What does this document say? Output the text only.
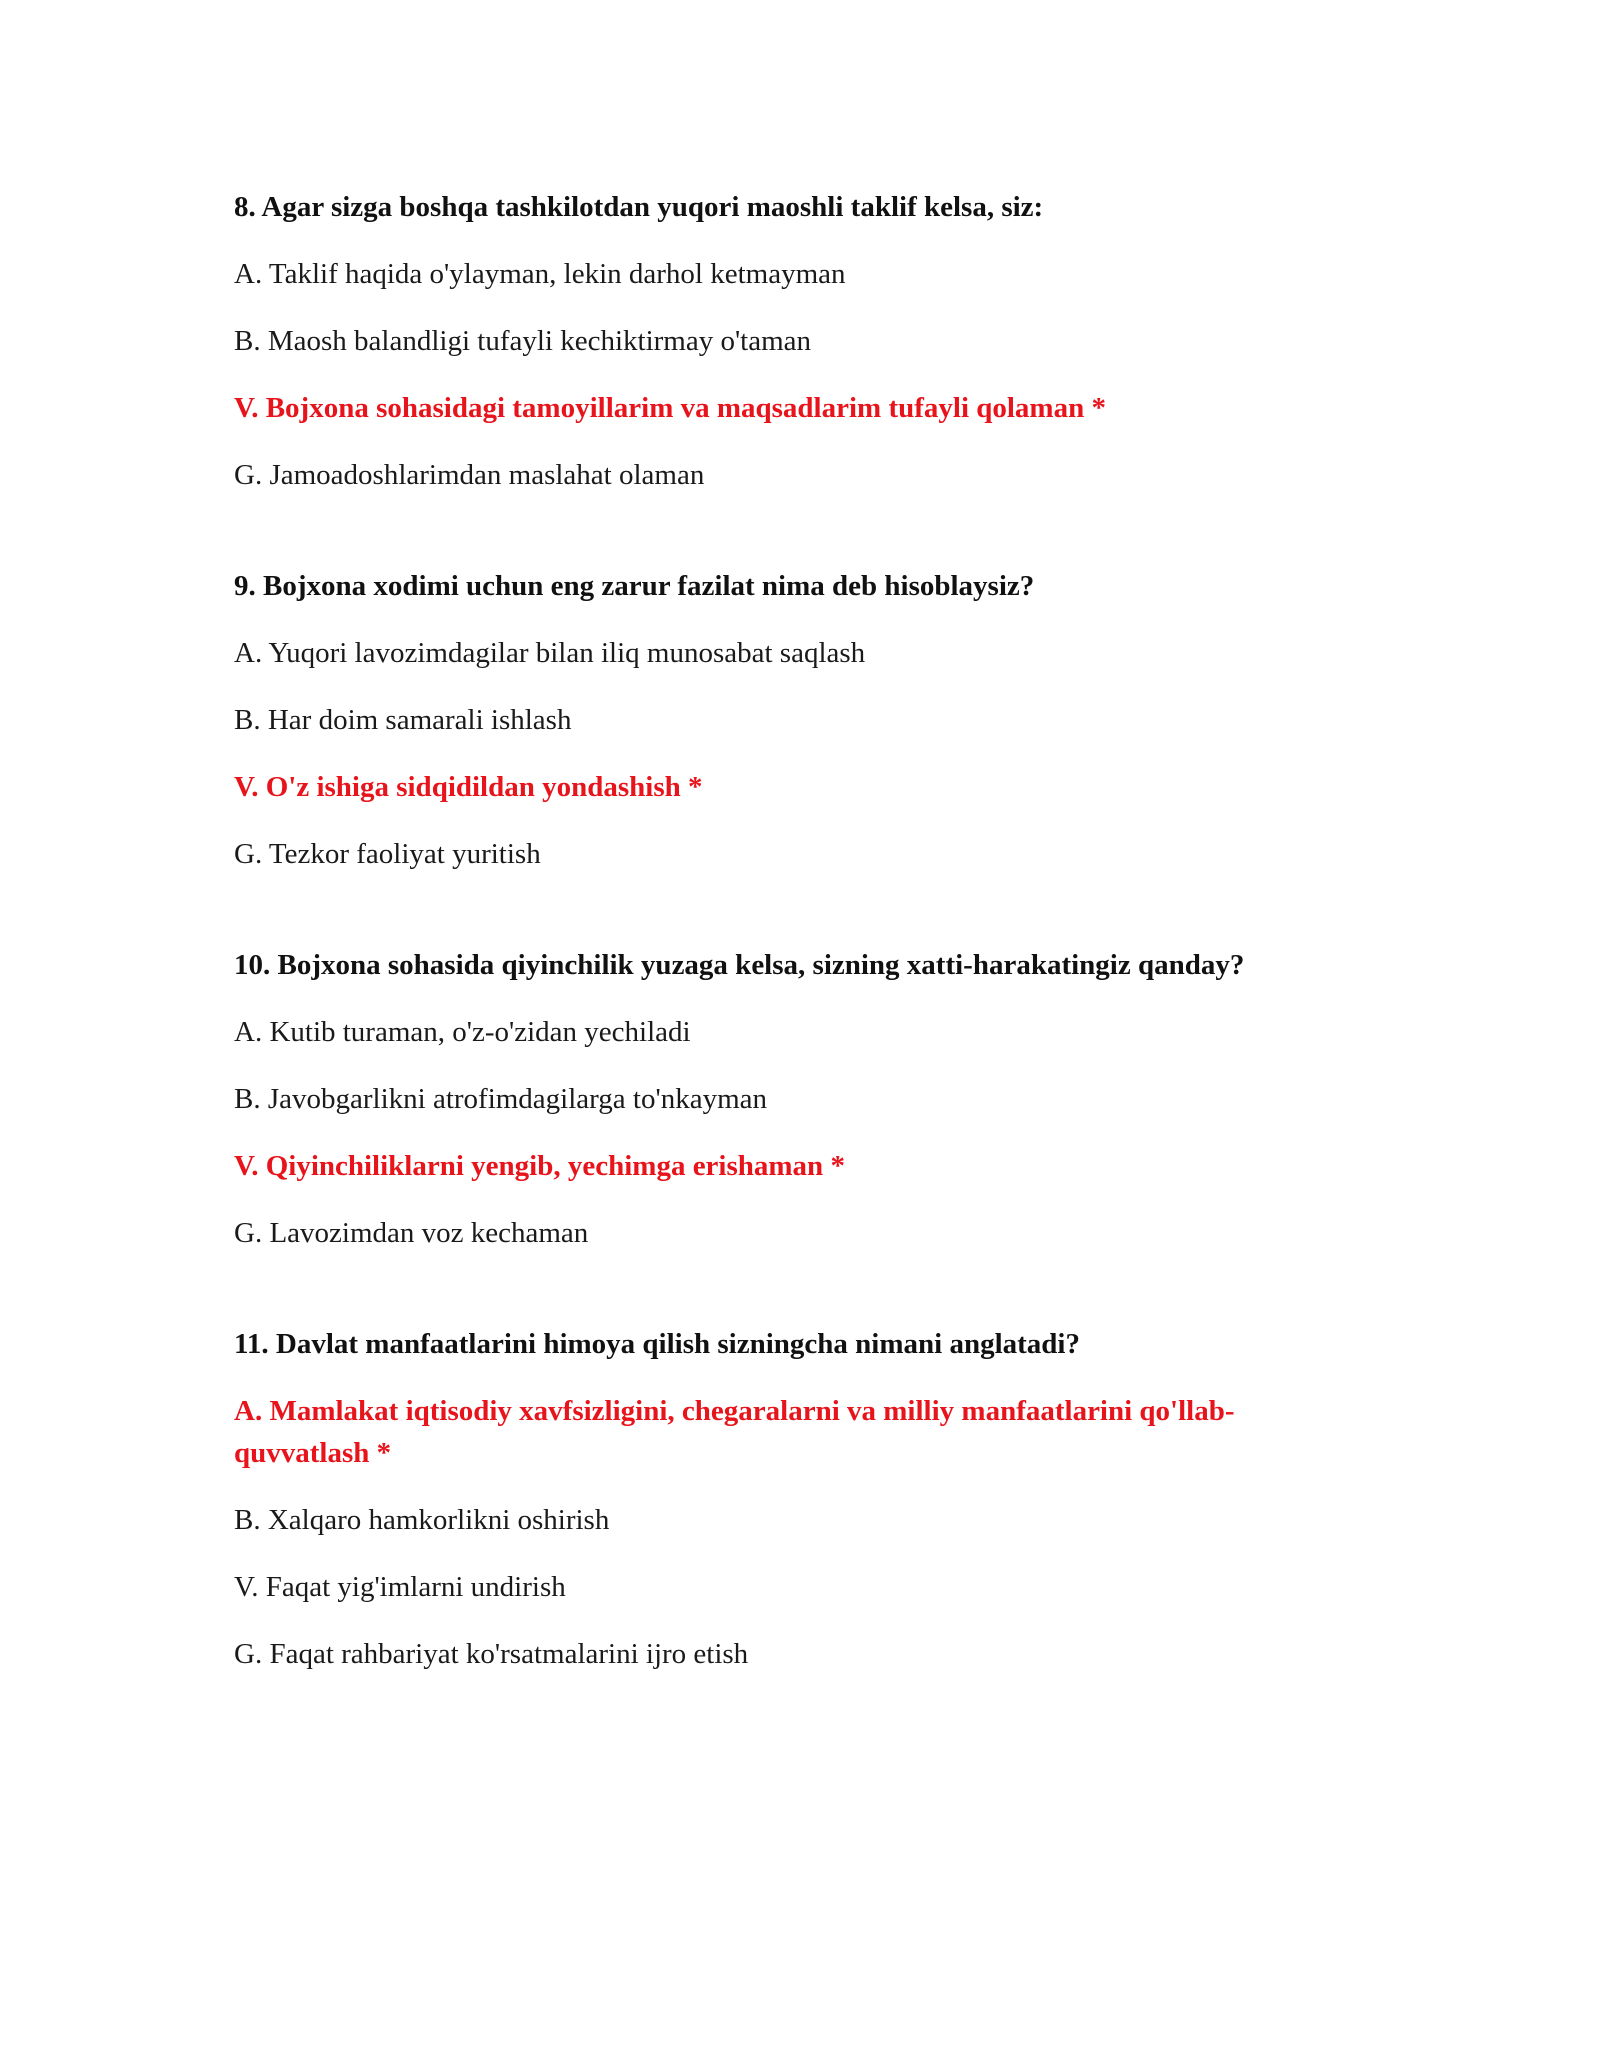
8. Agar sizga boshqa tashkilotdan yuqori maoshli taklif kelsa, siz:
A. Taklif haqida o'ylayman, lekin darhol ketmayman
B. Maosh balandligi tufayli kechiktirmay o'taman
V. Bojxona sohasidagi tamoyillarim va maqsadlarim tufayli qolaman *
G. Jamoadoshlarimdan maslahat olaman
9. Bojxona xodimi uchun eng zarur fazilat nima deb hisoblaysiz?
A. Yuqori lavozimdagilar bilan iliq munosabat saqlash
B. Har doim samarali ishlash
V. O'z ishiga sidqidildan yondashish *
G. Tezkor faoliyat yuritish
10. Bojxona sohasida qiyinchilik yuzaga kelsa, sizning xatti-harakatingiz qanday?
A. Kutib turaman, o'z-o'zidan yechiladi
B. Javobgarlikni atrofimdagilarga to'nkayman
V. Qiyinchiliklarni yengib, yechimga erishaman *
G. Lavozimdan voz kechaman
11. Davlat manfaatlarini himoya qilish sizningcha nimani anglatadi?
A. Mamlakat iqtisodiy xavfsizligini, chegaralarni va milliy manfaatlarini qo'llab-quvvatlash *
B. Xalqaro hamkorlikni oshirish
V. Faqat yig'imlarni undirish
G. Faqat rahbariyat ko'rsatmalarini ijro etish
